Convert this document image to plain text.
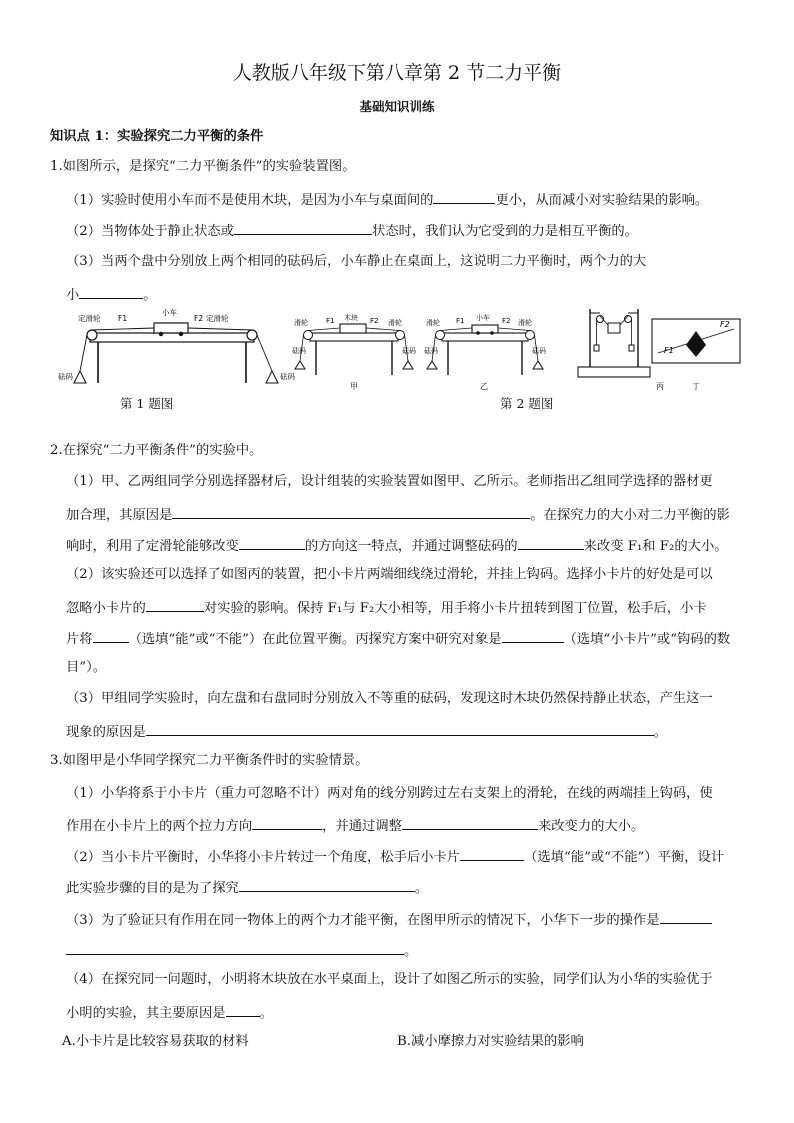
人教版八年级下第八章第 2 节二力平衡
基础知识训练
知识点 1：实验探究二力平衡的条件
1.如图所示，是探究“二力平衡条件”的实验装置图。
（1）实验时使用小车而不是使用木块，是因为小车与桌面间的	更小，从而减小对实验结果的影响。
（2）当物体处于静止状态或	状态时，我们认为它受到的力是相互平衡的。
（3）当两个盘中分别放上两个相同的砝码后，小车静止在桌面上，这说明二力平衡时，两个力的大
小	。
定滑轮	定滑轮
小车
F1	F2
砝码	砝码
第 1 题图
滑轮	滑轮
木块
F1	F2
砝码	砝码
甲
滑轮	滑轮
小车
F1	F2
砝码	砝码
乙	丙
F1
F2
丁
第 2 题图
2.在探究“二力平衡条件”的实验中。
（1）甲、乙两组同学分别选择器材后，设计组装的实验装置如图甲、乙所示。老师指出乙组同学选择的器材更
加合理，其原因是	。在探究力的大小对二力平衡的影
响时，利用了定滑轮能够改变	的方向这一特点，并通过调整砝码的	来改变 F₁和 F₂的大小。
（2）该实验还可以选择了如图丙的装置，把小卡片两端细线绕过滑轮，并挂上钩码。选择小卡片的好处是可以
忽略小卡片的	对实验的影响。保持 F₁与 F₂大小相等，用手将小卡片扭转到图丁位置，松手后，小卡
片将	（选填“能”或“不能”）在此位置平衡。丙探究方案中研究对象是	（选填“小卡片”或“钩码的数
目”）。
（3）甲组同学实验时，向左盘和右盘同时分别放入不等重的砝码，发现这时木块仍然保持静止状态，产生这一
现象的原因是	。
3.如图甲是小华同学探究二力平衡条件时的实验情景。
（1）小华将系于小卡片（重力可忽略不计）两对角的线分别跨过左右支架上的滑轮，在线的两端挂上钩码，使
作用在小卡片上的两个拉力方向	，并通过调整	来改变力的大小。
（2）当小卡片平衡时，小华将小卡片转过一个角度，松手后小卡片	（选填“能”或“不能”）平衡，设计
此实验步骤的目的是为了探究	。
（3）为了验证只有作用在同一物体上的两个力才能平衡，在图甲所示的情况下，小华下一步的操作是
。
（4）在探究同一问题时，小明将木块放在水平桌面上，设计了如图乙所示的实验，同学们认为小华的实验优于
小明的实验，其主要原因是	。
A.小卡片是比较容易获取的材料	B.减小摩擦力对实验结果的影响
